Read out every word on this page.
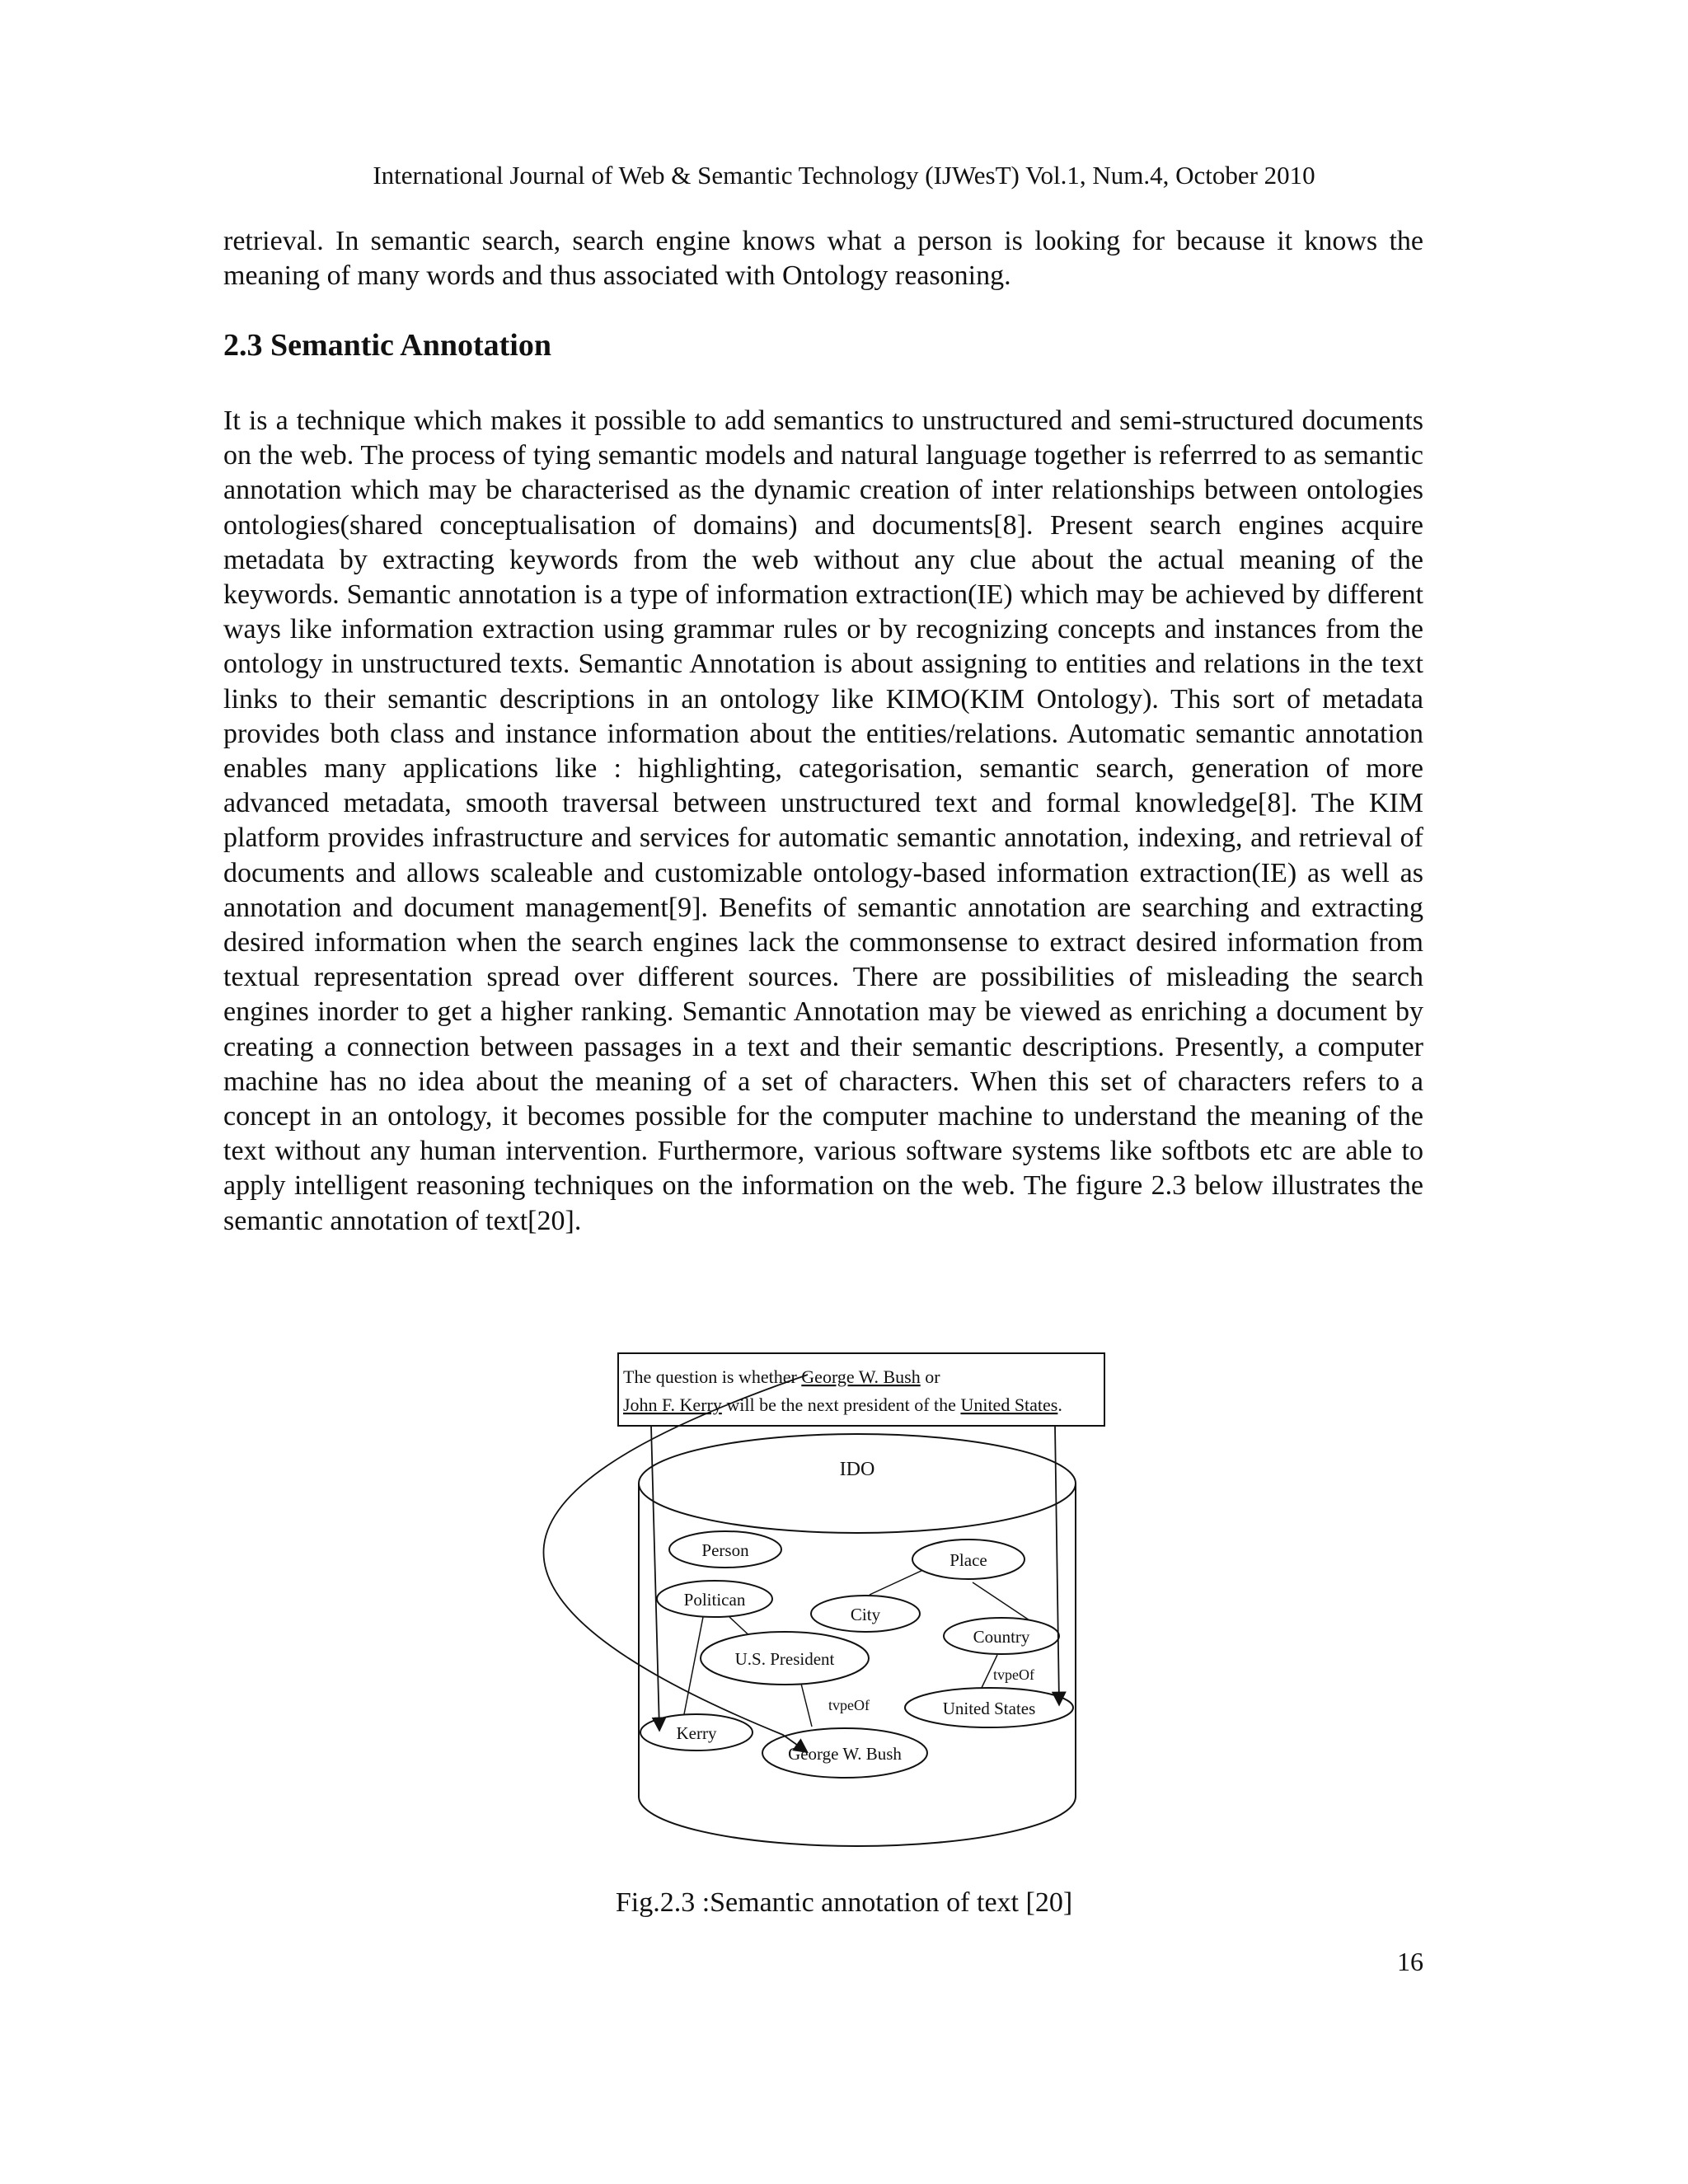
International Journal of Web & Semantic Technology (IJWesT) Vol.1, Num.4, October 2010

retrieval. In semantic search, search engine knows what a person is looking for because it knows the meaning of many words and thus associated with Ontology reasoning.

2.3 Semantic Annotation

It is a technique which makes it possible to add semantics to unstructured and semi-structured documents on the web. The process of tying semantic models and natural language together is referrred to as semantic annotation which may be characterised as the dynamic creation of inter relationships between ontologies ontologies(shared conceptualisation of domains) and documents[8]. Present search engines acquire metadata by extracting keywords from the web without any clue about the actual meaning of the keywords. Semantic annotation is a type of information extraction(IE) which may be achieved by different ways like information extraction using grammar rules or by recognizing concepts and instances from the ontology in unstructured texts. Semantic Annotation is about assigning to entities and relations in the text links to their semantic descriptions in an ontology like KIMO(KIM Ontology). This sort of metadata provides both class and instance information about the entities/relations. Automatic semantic annotation enables many applications like : highlighting, categorisation, semantic search, generation of more advanced metadata, smooth traversal between unstructured text and formal knowledge[8]. The KIM platform provides infrastructure and services for automatic semantic annotation, indexing, and retrieval of documents and allows scaleable and customizable ontology-based information extraction(IE) as well as annotation and document management[9]. Benefits of semantic annotation are searching and extracting desired information when the search engines lack the commonsense to extract desired information from textual representation spread over different sources. There are possibilities of misleading the search engines inorder to get a higher ranking. Semantic Annotation may be viewed as enriching a document by creating a connection between passages in a text and their semantic descriptions. Presently, a computer machine has no idea about the meaning of a set of characters. When this set of characters refers to a concept in an ontology, it becomes possible for the computer machine to understand the meaning of the text without any human intervention. Furthermore, various software systems like softbots etc are able to apply intelligent reasoning techniques on the information on the web. The figure 2.3 below illustrates the semantic annotation of text[20].

The question is whether George W. Bush or
John F. Kerry will be the next president of the United States.
IDO
Person
Politican
Place
City
Country
U.S. President
Kerry
George W. Bush
United States
tvpeOf
tvpeOf
Fig.2.3 :Semantic annotation of text [20]
16
